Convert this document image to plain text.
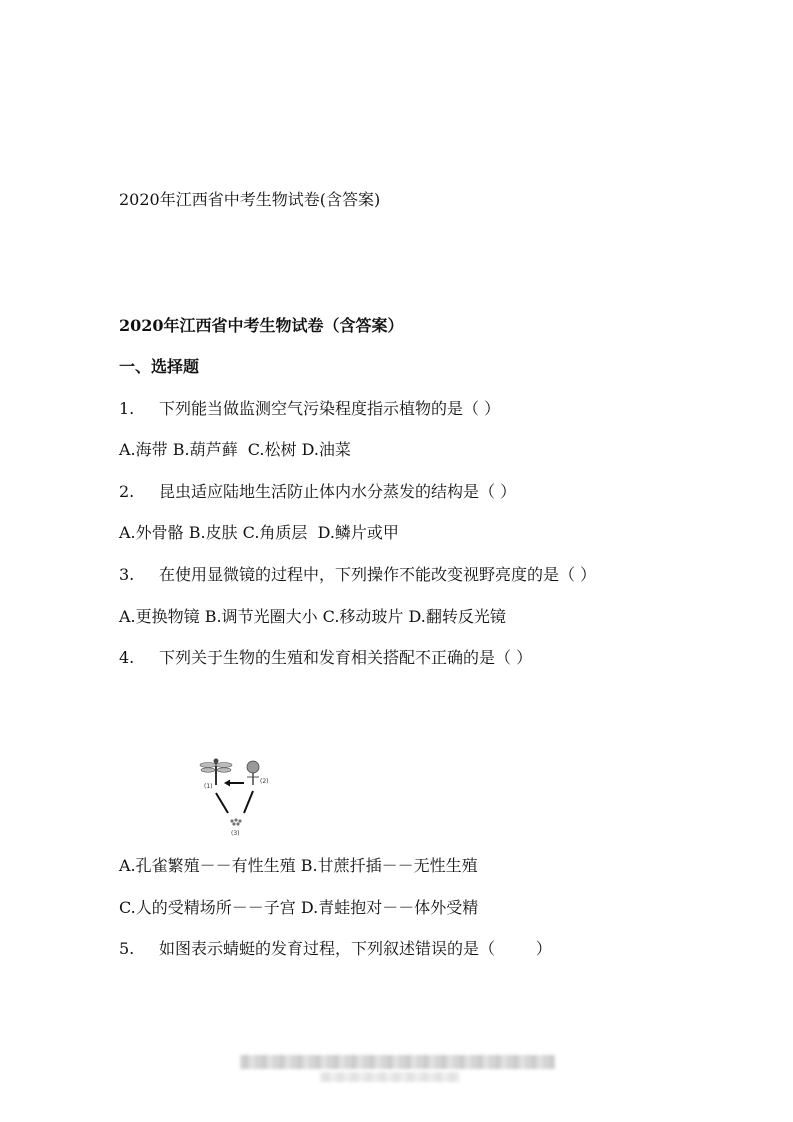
2020年江西省中考生物试卷(含答案)
2020年江西省中考生物试卷（含答案）
一、选择题
1. 下列能当做监测空气污染程度指示植物的是（ ）
A.海带 B.葫芦藓  C.松树 D.油菜
2. 昆虫适应陆地生活防止体内水分蒸发的结构是（ ）
A.外骨骼 B.皮肤 C.角质层  D.鳞片或甲
3. 在使用显微镜的过程中，下列操作不能改变视野亮度的是（ ）
A.更换物镜 B.调节光圈大小 C.移动玻片 D.翻转反光镜
4. 下列关于生物的生殖和发育相关搭配不正确的是（ ）
(1)
(2)
(3)
A.孔雀繁殖－－有性生殖 B.甘蔗扦插－－无性生殖
C.人的受精场所－－子宫 D.青蛙抱对－－体外受精
5. 如图表示蜻蜓的发育过程，下列叙述错误的是（        ）
